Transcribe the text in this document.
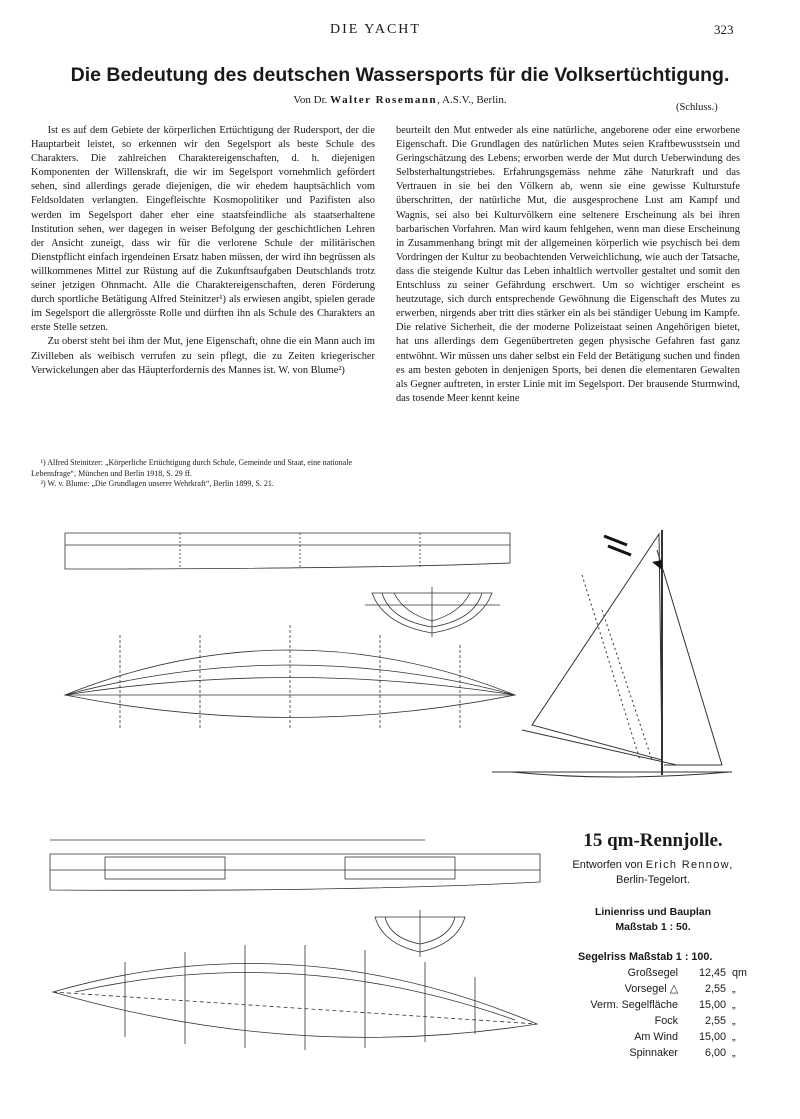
DIE YACHT	323
Die Bedeutung des deutschen Wassersports für die Volksertüchtigung.
Von Dr. Walter Rosemann, A.S.V., Berlin.
(Schluss.)

Ist es auf dem Gebiete der körperlichen Ertüchtigung der Rudersport, der die Hauptarbeit leistet, so erkennen wir den Segelsport als beste Schule des Charakters. Die zahlreichen Charaktereigenschaften, d. h. diejenigen Komponenten der Willenskraft, die wir im Segelsport vornehmlich gefördert sehen, sind allerdings gerade diejenigen, die wir ehedem hauptsächlich vom Feldsoldaten verlangten. Eingefleischte Kosmopolitiker und Pazifisten also werden im Segelsport daher eher eine staatsfeindliche als staatserhaltene Institution sehen, wer dagegen in weiser Befolgung der geschichtlichen Lehren der Ansicht zuneigt, dass wir für die verlorene Schule der militärischen Dienstpflicht einfach irgendeinen Ersatz haben müssen, der wird ihn begrüssen als willkommenes Mittel zur Rüstung auf die Zukunftsaufgaben Deutschlands trotz seiner jetzigen Ohnmacht. Alle die Charaktereigenschaften, deren Förderung durch sportliche Betätigung Alfred Steinitzer¹) als erwiesen angibt, spielen gerade im Segelsport die allergrösste Rolle und dürften ihn als Schule des Charakters an erste Stelle setzen.

Zu oberst steht bei ihm der Mut, jene Eigenschaft, ohne die ein Mann auch im Zivilleben als weibisch verrufen zu sein pflegt, die zu Zeiten kriegerischer Verwickelungen aber das Häupterfordernis des Mannes ist. W. von Blume²)

¹) Alfred Steinitzer: „Körperliche Ertüchtigung durch Schule, Gemeinde und Staat, eine nationale Lebensfrage“, München und Berlin 1918, S. 29 ff.
²) W. v. Blume: „Die Grundlagen unserer Wehrkraft“, Berlin 1899, S. 21.

beurteilt den Mut entweder als eine natürliche, angeborene oder eine erworbene Eigenschaft. Die Grundlagen des natürlichen Mutes seien Kraftbewusstsein und Geringschätzung des Lebens; erworben werde der Mut durch Ueberwindung des Selbsterhaltungstriebes. Erfahrungsgemäss nehme zähe Naturkraft und das Vertrauen in sie bei den Völkern ab, wenn sie eine gewisse Kulturstufe überschritten, der natürliche Mut, die ausgesprochene Lust am Kampf und Wagnis, sei also bei Kulturvölkern eine seltenere Erscheinung als bei ihren barbarischen Vorfahren. Man wird kaum fehlgehen, wenn man diese Erscheinung in Zusammenhang bringt mit der allgemeinen körperlich wie psychisch bei dem Vordringen der Kultur zu beobachtenden Verweichlichung, wie auch der Tatsache, dass die steigende Kultur das Leben inhaltlich wertvoller gestaltet und somit den Entschluss zu seiner Gefährdung erschwert. Um so wichtiger erscheint es heutzutage, sich durch entsprechende Gewöhnung die Eigenschaft des Mutes zu erwerben, nirgends aber tritt dies stärker ein als bei ständiger Uebung im Kampfe. Die relative Sicherheit, die der moderne Polizeistaat seinen Angehörigen bietet, hat uns allerdings dem Gegenübertreten gegen physische Gefahren fast ganz entwöhnt. Wir müssen uns daher selbst ein Feld der Betätigung suchen und finden es am besten geboten in denjenigen Sports, bei denen die elementaren Gewalten als Gegner auftreten, in erster Linie mit im Segelsport. Der brausende Sturmwind, das tosende Meer kennt keine

15 qm-Rennjolle.
Entworfen von Erich Rennow,
Berlin-Tegelort.
Linienriss und Bauplan
Maßstab 1 : 50.
Segelriss Maßstab 1 : 100.
Großsegel	12,45 qm
Vorsegel △	2,55 „
Verm. Segelfläche	15,00 „
Fock	2,55 „
Am Wind	15,00 „
Spinnaker	6,00 „
